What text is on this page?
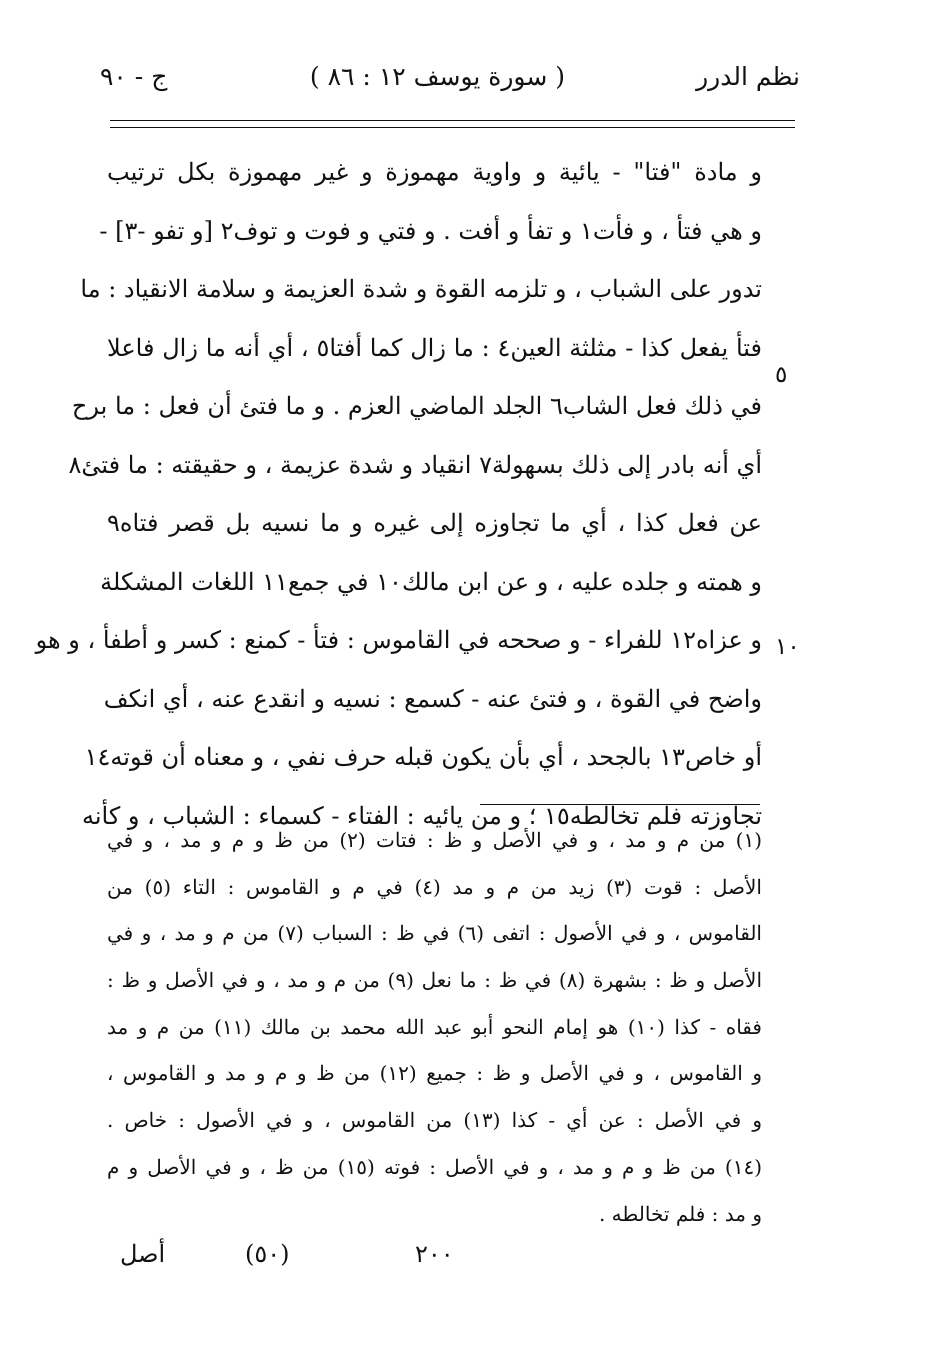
نظم الدرر
( سورة يوسف ١٢ : ٨٦ )
ج - ٩٠
٥
١٠
و مادة "فتا" - يائية و واوية مهموزة و غير مهموزة بكل ترتيب
و هي فتأ ، و فأت١ و تفأ و أفت . و فتي و فوت و توف٢ [و تفو -٣] -
تدور على الشباب ، و تلزمه القوة و شدة العزيمة و سلامة الانقياد : ما
فتأ يفعل كذا - مثلثة العين٤ : ما زال كما أفتا٥ ، أي أنه ما زال فاعلا
في ذلك فعل الشاب٦ الجلد الماضي العزم . و ما فتئ أن فعل : ما برح
أي أنه بادر إلى ذلك بسهولة٧ انقياد و شدة عزيمة ، و حقيقته : ما فتئ٨
عن فعل كذا ، أي ما تجاوزه إلى غيره و ما نسيه بل قصر فتاه٩
و همته و جلده عليه ، و عن ابن مالك١٠ في جمع١١ اللغات المشكلة
و عزاه١٢ للفراء - و صححه في القاموس : فتأ - كمنع : كسر و أطفأ ، و هو
واضح في القوة ، و فتئ عنه - كسمع : نسيه و انقدع عنه ، أي انكف
أو خاص١٣ بالجحد ، أي بأن يكون قبله حرف نفي ، و معناه أن قوته١٤
تجاوزته فلم تخالطه١٥ ؛ و من يائيه : الفتاء - كسماء : الشباب ، و كأنه
(١) من م و مد ، و في الأصل و ظ : فتات (٢) من ظ و م و مد ، و في
الأصل : قوت (٣) زيد من م و مد (٤) في م و القاموس : التاء (٥) من
القاموس ، و في الأصول : اتفى (٦) في ظ : السباب (٧) من م و مد ، و في
الأصل و ظ : بشهرة (٨) في ظ : ما نعل (٩) من م و مد ، و في الأصل و ظ :
فقاه - كذا (١٠) هو إمام النحو أبو عبد الله محمد بن مالك (١١) من م و مد
و القاموس ، و في الأصل و ظ : جميع (١٢) من ظ و م و مد و القاموس ،
و في الأصل : عن أي - كذا (١٣) من القاموس ، و في الأصول : خاص .
(١٤) من ظ و م و مد ، و في الأصل : فوته (١٥) من ظ ، و في الأصل و م
و مد : فلم تخالطه .
٢٠٠
(٥٠)
أصل
